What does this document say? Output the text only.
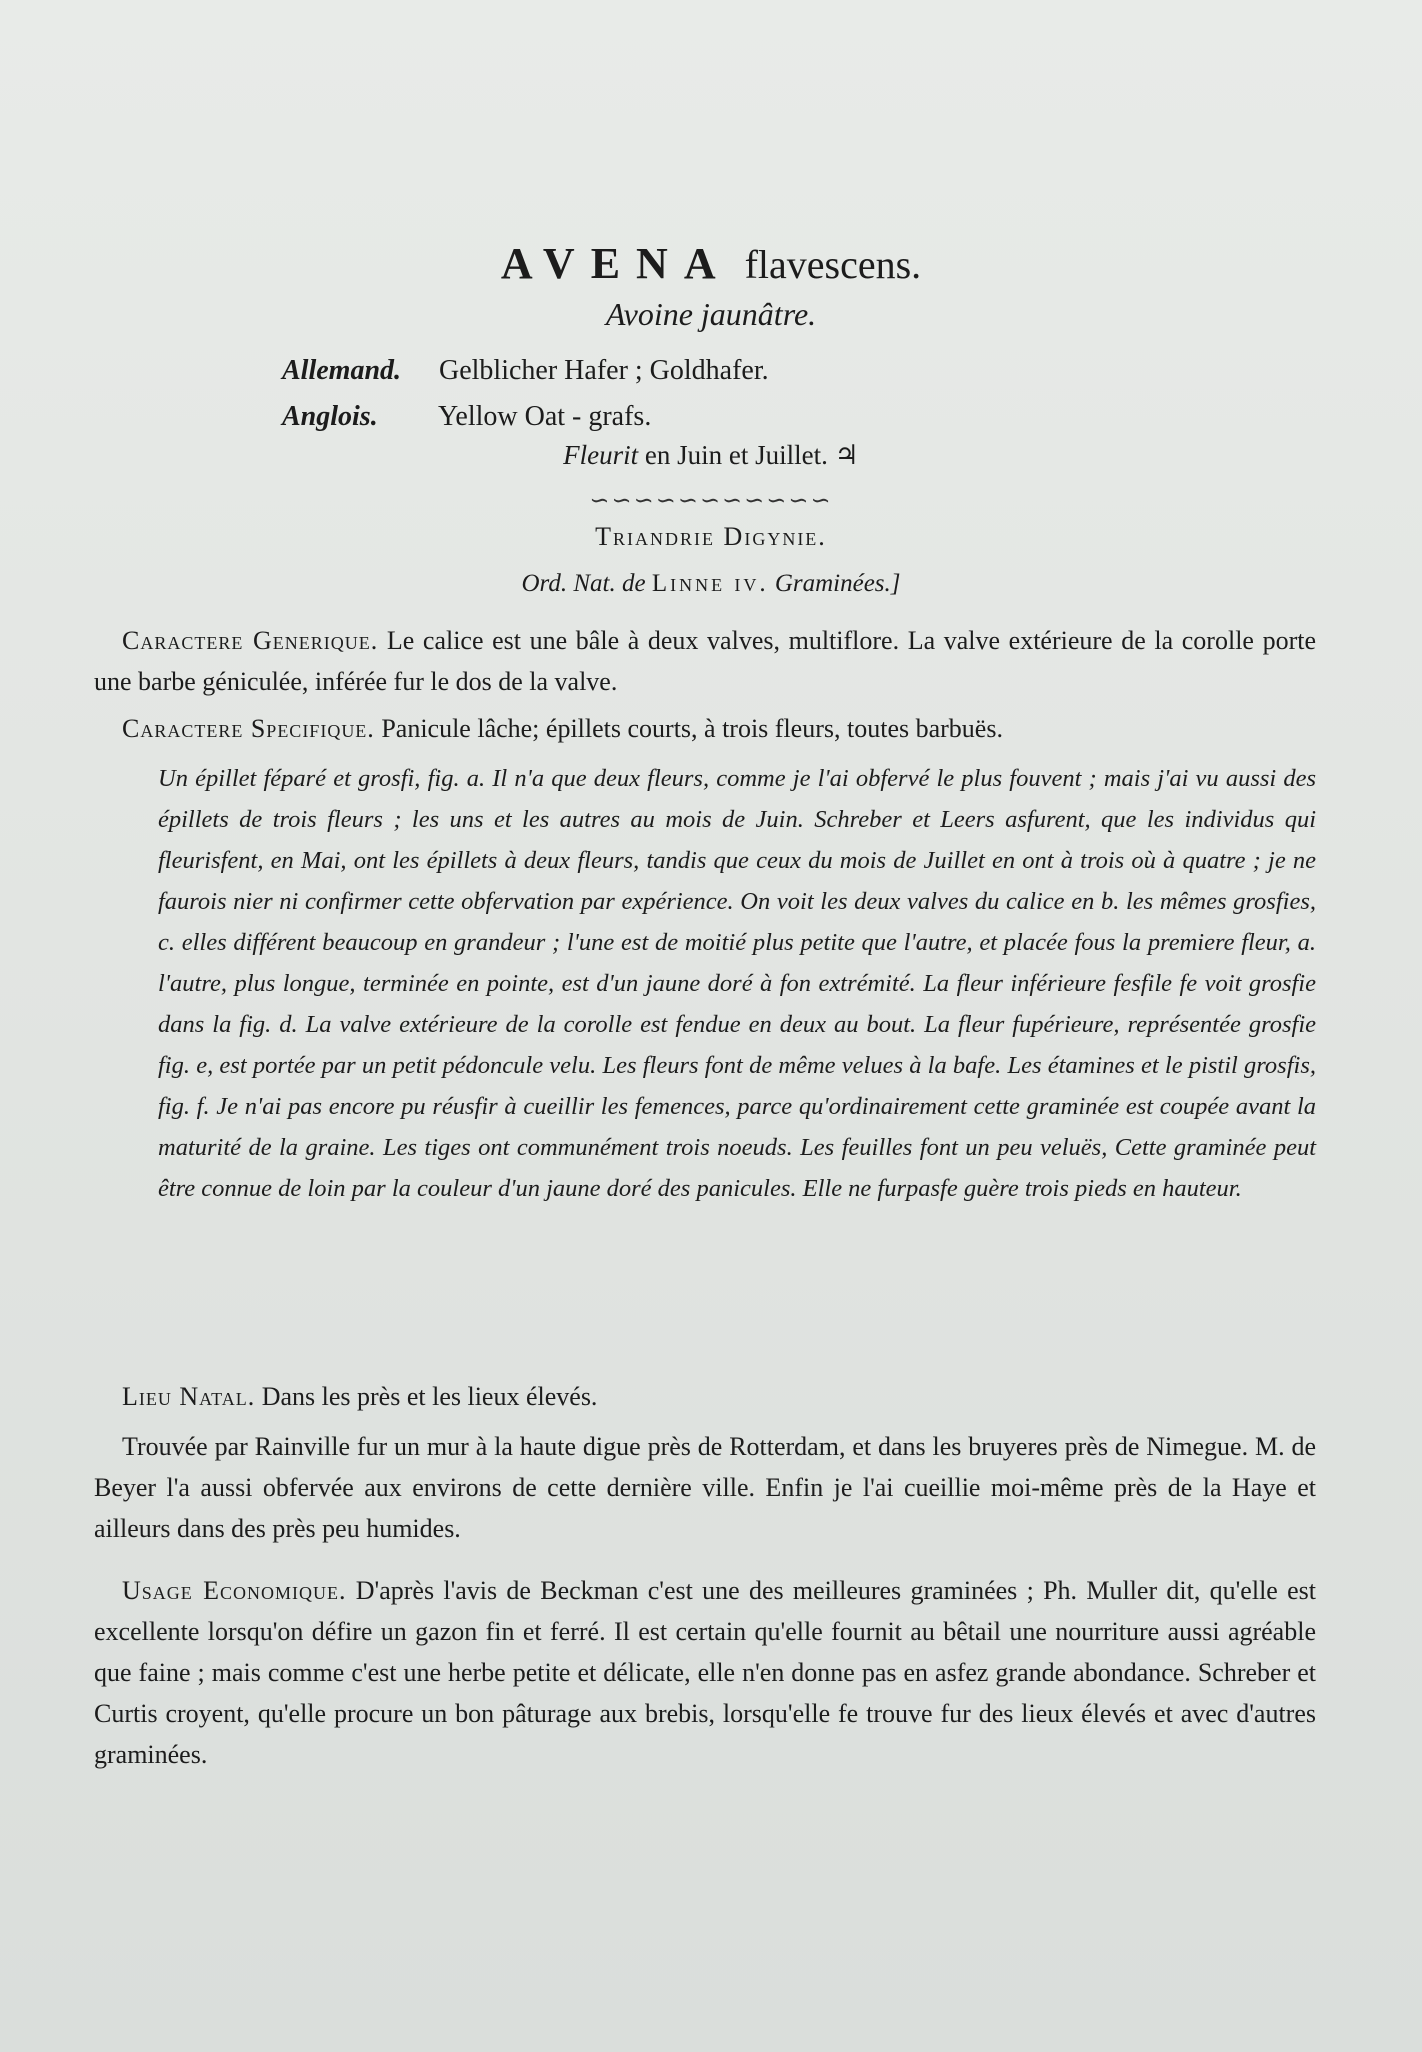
AVENA flavescens.
Avoine jaunâtre.
Allemand. Gelblicher Hafer ; Goldhafer.
Anglois. Yellow Oat - grafs.
Fleurit en Juin et Juillet. ♃
∽∽∽∽∽∽∽∽∽∽∽
Triandrie Digynie.
Ord. Nat. de Linne iv. Graminées.]
Caractere Generique. Le calice est une bâle à deux valves, multiflore. La valve extérieure de la corolle porte une barbe géniculée, inférée fur le dos de la valve.
Caractere Specifique. Panicule lâche; épillets courts, à trois fleurs, toutes barbuës.
Un épillet féparé et grosfi, fig. a. Il n'a que deux fleurs, comme je l'ai obfervé le plus fouvent ; mais j'ai vu aussi des épillets de trois fleurs ; les uns et les autres au mois de Juin. Schreber et Leers asfurent, que les individus qui fleurisfent, en Mai, ont les épillets à deux fleurs, tandis que ceux du mois de Juillet en ont à trois où à quatre ; je ne faurois nier ni confirmer cette obfervation par expérience. On voit les deux valves du calice en b. les mêmes grosfies, c. elles différent beaucoup en grandeur ; l'une est de moitié plus petite que l'autre, et placée fous la premiere fleur, a. l'autre, plus longue, terminée en pointe, est d'un jaune doré à fon extrémité. La fleur inférieure fesfile fe voit grosfie dans la fig. d. La valve extérieure de la corolle est fendue en deux au bout. La fleur fupérieure, représentée grosfie fig. e, est portée par un petit pédoncule velu. Les fleurs font de même velues à la bafe. Les étamines et le pistil grosfis, fig. f. Je n'ai pas encore pu réusfir à cueillir les femences, parce qu'ordinairement cette graminée est coupée avant la maturité de la graine. Les tiges ont communément trois noeuds. Les feuilles font un peu veluës, Cette graminée peut être connue de loin par la couleur d'un jaune doré des panicules. Elle ne furpasfe guère trois pieds en hauteur.
Lieu Natal. Dans les près et les lieux élevés.
Trouvée par Rainville fur un mur à la haute digue près de Rotterdam, et dans les bruyeres près de Nimegue. M. de Beyer l'a aussi obfervée aux environs de cette dernière ville. Enfin je l'ai cueillie moi-même près de la Haye et ailleurs dans des près peu humides.
Usage Economique. D'après l'avis de Beckman c'est une des meilleures graminées ; Ph. Muller dit, qu'elle est excellente lorsqu'on défire un gazon fin et ferré. Il est certain qu'elle fournit au bêtail une nourriture aussi agréable que faine ; mais comme c'est une herbe petite et délicate, elle n'en donne pas en asfez grande abondance. Schreber et Curtis croyent, qu'elle procure un bon pâturage aux brebis, lorsqu'elle fe trouve fur des lieux élevés et avec d'autres graminées.
